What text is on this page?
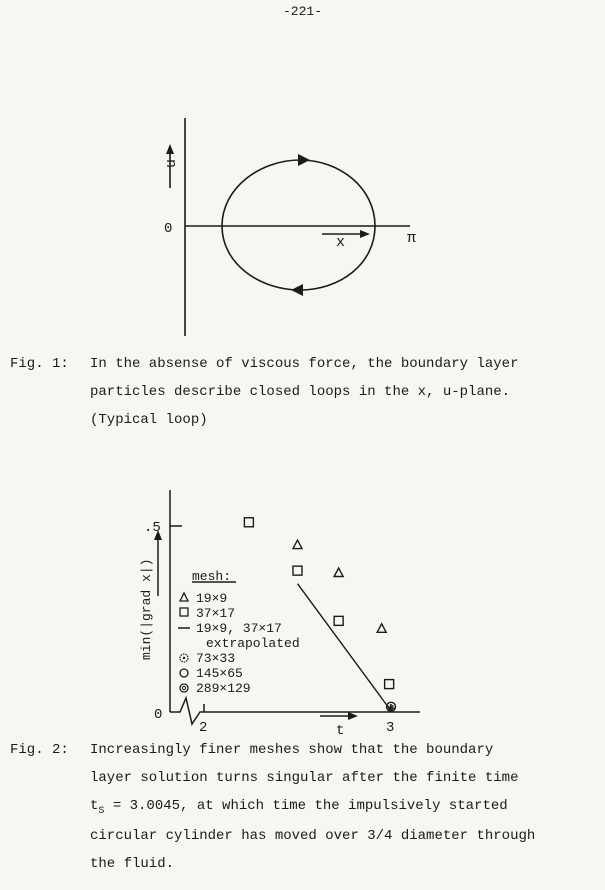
-221-
u
0
x	π
Fig. 1: In the absense of viscous force, the boundary layer
particles describe closed loops in the x, u-plane.
(Typical loop)
min(|grad x|)
t
.5
0
2	3
mesh:
19×9
37×17
19×9, 37×17
extrapolated
73×33
145×65
289×129
Fig. 2: Increasingly finer meshes show that the boundary
layer solution turns singular after the finite time
$t_S = 3.0045$, at which time the impulsively started
circular cylinder has moved over 3/4 diameter through
the fluid.
